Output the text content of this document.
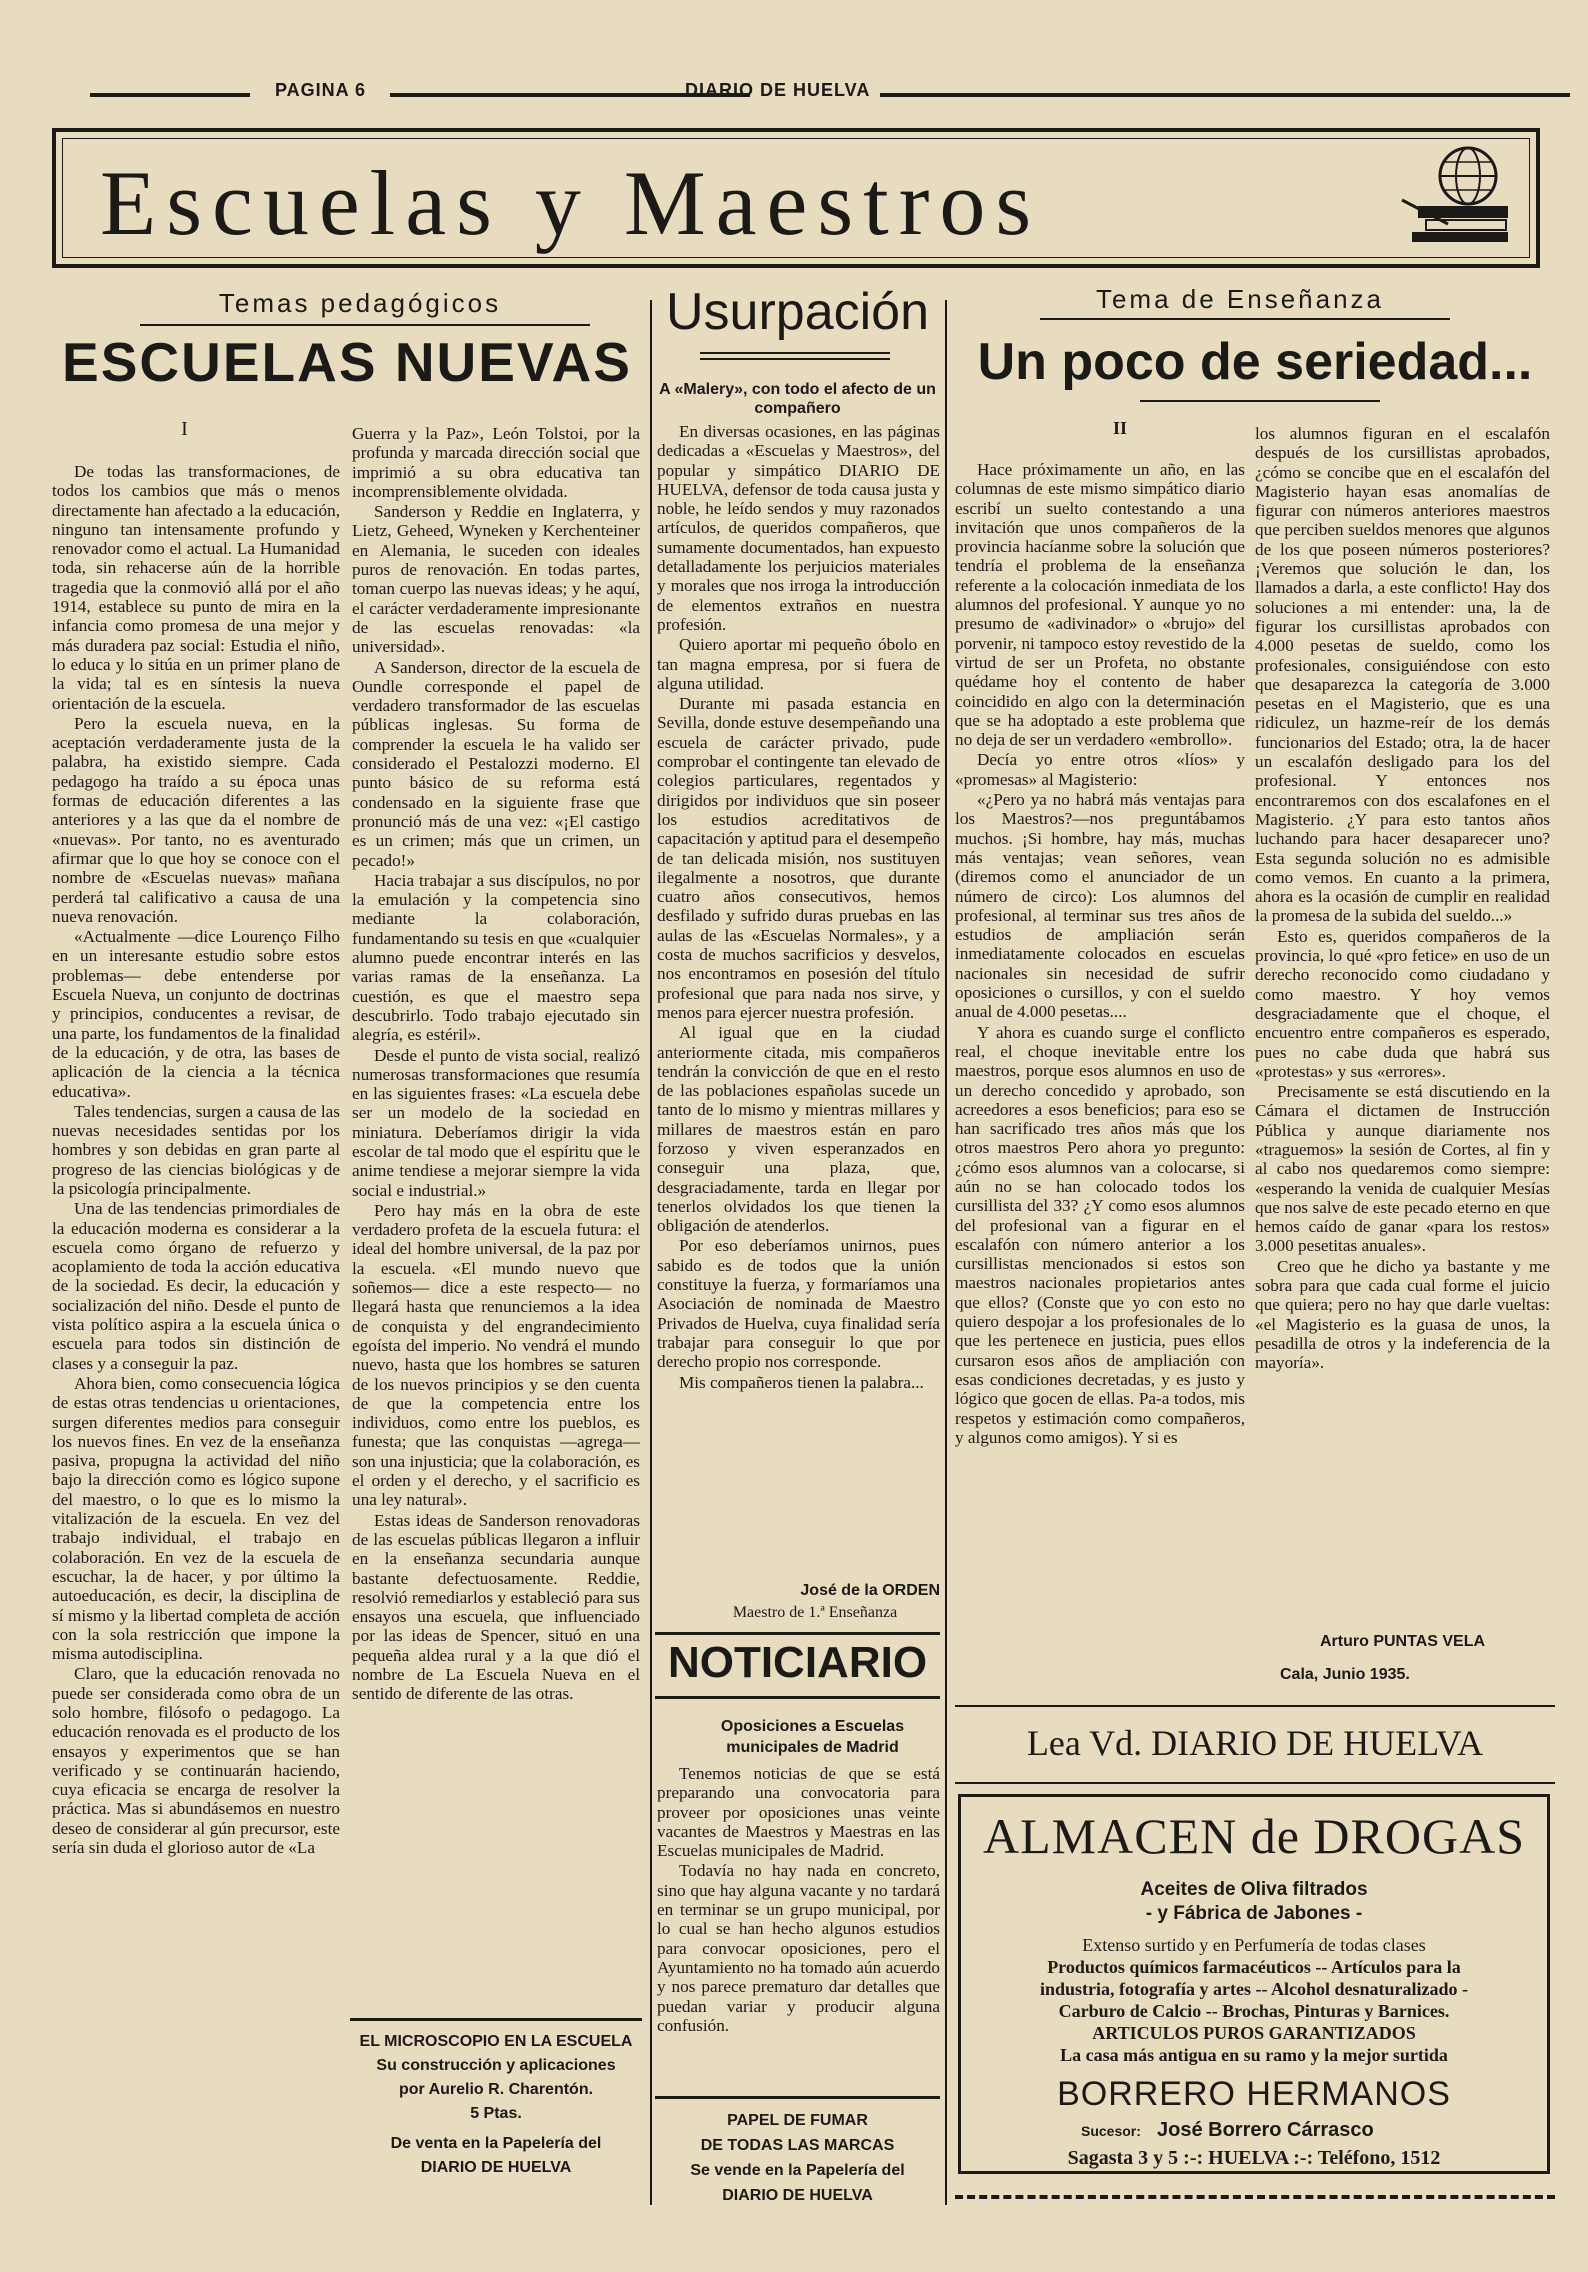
PAGINA 6	DIARIO DE HUELVA
Escuelas y Maestros
Temas pedagógicos
ESCUELAS NUEVAS
I

De todas las transformaciones, de todos los cambios que más o menos directamente han afectado a la educación, ninguno tan intensamente profundo y renovador como el actual. La Humanidad toda, sin rehacerse aún de la horrible tragedia que la conmovió allá por el año 1914, establece su punto de mira en la infancia como promesa de una mejor y más duradera paz social: Estudia el niño, lo educa y lo sitúa en un primer plano de la vida; tal es en síntesis la nueva orientación de la escuela.

Pero la escuela nueva, en la aceptación verdaderamente justa de la palabra, ha existido siempre. Cada pedagogo ha traído a su época unas formas de educación diferentes a las anteriores y a las que da el nombre de «nuevas». Por tanto, no es aventurado afirmar que lo que hoy se conoce con el nombre de «Escuelas nuevas» mañana perderá tal calificativo a causa de una nueva renovación.

«Actualmente —dice Lourenço Filho en un interesante estudio sobre estos problemas— debe entenderse por Escuela Nueva, un conjunto de doctrinas y principios, conducentes a revisar, de una parte, los fundamentos de la finalidad de la educación, y de otra, las bases de aplicación de la ciencia a la técnica educativa».

Tales tendencias, surgen a causa de las nuevas necesidades sentidas por los hombres y son debidas en gran parte al progreso de las ciencias biológicas y de la psicología principalmente.

Una de las tendencias primordiales de la educación moderna es considerar a la escuela como órgano de refuerzo y acoplamiento de toda la acción educativa de la sociedad. Es decir, la educación y socialización del niño. Desde el punto de vista político aspira a la escuela única o escuela para todos sin distinción de clases y a conseguir la paz.

Ahora bien, como consecuencia lógica de estas otras tendencias u orientaciones, surgen diferentes medios para conseguir los nuevos fines. En vez de la enseñanza pasiva, propugna la actividad del niño bajo la dirección como es lógico supone del maestro, o lo que es lo mismo la vitalización de la escuela. En vez del trabajo individual, el trabajo en colaboración. En vez de la escuela de escuchar, la de hacer, y por último la autoeducación, es decir, la disciplina de sí mismo y la libertad completa de acción con la sola restricción que impone la misma autodisciplina.

Claro, que la educación renovada no puede ser considerada como obra de un solo hombre, filósofo o pedagogo. La educación renovada es el producto de los ensayos y experimentos que se han verificado y se continuarán haciendo, cuya eficacia se encarga de resolver la práctica. Mas si abundásemos en nuestro deseo de considerar al gún precursor, este sería sin duda el glorioso autor de «La

Guerra y la Paz», León Tolstoi, por la profunda y marcada dirección social que imprimió a su obra educativa tan incomprensiblemente olvidada.

Sanderson y Reddie en Inglaterra, y Lietz, Geheed, Wyneken y Kerchenteiner en Alemania, le suceden con ideales puros de renovación. En todas partes, toman cuerpo las nuevas ideas; y he aquí, el carácter verdaderamente impresionante de las escuelas renovadas: «la universidad».

A Sanderson, director de la escuela de Oundle corresponde el papel de verdadero transformador de las escuelas públicas inglesas. Su forma de comprender la escuela le ha valido ser considerado el Pestalozzi moderno. El punto básico de su reforma está condensado en la siguiente frase que pronunció más de una vez: «¡El castigo es un crimen; más que un crimen, un pecado!»

Hacia trabajar a sus discípulos, no por la emulación y la competencia sino mediante la colaboración, fundamentando su tesis en que «cualquier alumno puede encontrar interés en las varias ramas de la enseñanza. La cuestión, es que el maestro sepa descubrirlo. Todo trabajo ejecutado sin alegría, es estéril».

Desde el punto de vista social, realizó numerosas transformaciones que resumía en las siguientes frases: «La escuela debe ser un modelo de la sociedad en miniatura. Deberíamos dirigir la vida escolar de tal modo que el espíritu que le anime tendiese a mejorar siempre la vida social e industrial.»

Pero hay más en la obra de este verdadero profeta de la escuela futura: el ideal del hombre universal, de la paz por la escuela. «El mundo nuevo que soñemos— dice a este respecto— no llegará hasta que renunciemos a la idea de conquista y del engrandecimiento egoísta del imperio. No vendrá el mundo nuevo, hasta que los hombres se saturen de los nuevos principios y se den cuenta de que la competencia entre los individuos, como entre los pueblos, es funesta; que las conquistas —agrega— son una injusticia; que la colaboración, es el orden y el derecho, y el sacrificio es una ley natural».

Estas ideas de Sanderson renovadoras de las escuelas públicas llegaron a influir en la enseñanza secundaria aunque bastante defectuosamente. Reddie, resolvió remediarlos y estableció para sus ensayos una escuela, que influenciado por las ideas de Spencer, situó en una pequeña aldea rural y a la que dió el nombre de La Escuela Nueva en el sentido de diferente de las otras.

EL MICROSCOPIO EN LA ESCUELA
Su construcción y aplicaciones
por Aurelio R. Charentón.
5 Ptas.
De venta en la Papelería del
DIARIO DE HUELVA
Usurpación
A «Malery», con todo el afecto de un compañero

En diversas ocasiones, en las páginas dedicadas a «Escuelas y Maestros», del popular y simpático DIARIO DE HUELVA, defensor de toda causa justa y noble, he leído sendos y muy razonados artículos, de queridos compañeros, que sumamente documentados, han expuesto detalladamente los perjuicios materiales y morales que nos irroga la introducción de elementos extraños en nuestra profesión.

Quiero aportar mi pequeño óbolo en tan magna empresa, por si fuera de alguna utilidad.

Durante mi pasada estancia en Sevilla, donde estuve desempeñando una escuela de carácter privado, pude comprobar el contingente tan elevado de colegios particulares, regentados y dirigidos por individuos que sin poseer los estudios acreditativos de capacitación y aptitud para el desempeño de tan delicada misión, nos sustituyen ilegalmente a nosotros, que durante cuatro años consecutivos, hemos desfilado y sufrido duras pruebas en las aulas de las «Escuelas Normales», y a costa de muchos sacrificios y desvelos, nos encontramos en posesión del título profesional que para nada nos sirve, y menos para ejercer nuestra profesión.

Al igual que en la ciudad anteriormente citada, mis compañeros tendrán la convicción de que en el resto de las poblaciones españolas sucede un tanto de lo mismo y mientras millares y millares de maestros están en paro forzoso y viven esperanzados en conseguir una plaza, que, desgraciadamente, tarda en llegar por tenerlos olvidados los que tienen la obligación de atenderlos.

Por eso deberíamos unirnos, pues sabido es de todos que la unión constituye la fuerza, y formaríamos una Asociación de nominada de Maestro Privados de Huelva, cuya finalidad sería trabajar para conseguir lo que por derecho propio nos corresponde.

Mis compañeros tienen la palabra...

José de la ORDEN
Maestro de 1.ª Enseñanza
NOTICIARIO
Oposiciones a Escuelas municipales de Madrid

Tenemos noticias de que se está preparando una convocatoria para proveer por oposiciones unas veinte vacantes de Maestros y Maestras en las Escuelas municipales de Madrid.

Todavía no hay nada en concreto, sino que hay alguna vacante y no tardará en terminar se un grupo municipal, por lo cual se han hecho algunos estudios para convocar oposiciones, pero el Ayuntamiento no ha tomado aún acuerdo y nos parece prematuro dar detalles que puedan variar y producir alguna confusión.

PAPEL DE FUMAR
DE TODAS LAS MARCAS
Se vende en la Papelería del
DIARIO DE HUELVA
Tema de Enseñanza
Un poco de seriedad...
II

Hace próximamente un año, en las columnas de este mismo simpático diario escribí un suelto contestando a una invitación que unos compañeros de la provincia hacíanme sobre la solución que tendría el problema de la enseñanza referente a la colocación inmediata de los alumnos del profesional. Y aunque yo no presumo de «adivinador» o «brujo» del porvenir, ni tampoco estoy revestido de la virtud de ser un Profeta, no obstante quédame hoy el contento de haber coincidido en algo con la determinación que se ha adoptado a este problema que no deja de ser un verdadero «embrollo».

Decía yo entre otros «líos» y «promesas» al Magisterio:

«¿Pero ya no habrá más ventajas para los Maestros?—nos preguntábamos muchos. ¡Si hombre, hay más, muchas más ventajas; vean señores, vean (diremos como el anunciador de un número de circo): Los alumnos del profesional, al terminar sus tres años de estudios de ampliación serán inmediatamente colocados en escuelas nacionales sin necesidad de sufrir oposiciones o cursillos, y con el sueldo anual de 4.000 pesetas....

Y ahora es cuando surge el conflicto real, el choque inevitable entre los maestros, porque esos alumnos en uso de un derecho concedido y aprobado, son acreedores a esos beneficios; para eso se han sacrificado tres años más que los otros maestros Pero ahora yo pregunto: ¿cómo esos alumnos van a colocarse, si aún no se han colocado todos los cursillista del 33? ¿Y como esos alumnos del profesional van a figurar en el escalafón con número anterior a los cursillistas mencionados si estos son maestros nacionales propietarios antes que ellos? (Conste que yo con esto no quiero despojar a los profesionales de lo que les pertenece en justicia, pues ellos cursaron esos años de ampliación con esas condiciones decretadas, y es justo y lógico que gocen de ellas. Pa-a todos, mis respetos y estimación como compañeros, y algunos como amigos). Y si es

los alumnos figuran en el escalafón después de los cursillistas aprobados, ¿cómo se concibe que en el escalafón del Magisterio hayan esas anomalías de figurar con números anteriores maestros que perciben sueldos menores que algunos de los que poseen números posteriores? ¡Veremos que solución le dan, los llamados a darla, a este conflicto! Hay dos soluciones a mi entender: una, la de figurar los cursillistas aprobados con 4.000 pesetas de sueldo, como los profesionales, consiguiéndose con esto que desaparezca la categoría de 3.000 pesetas en el Magisterio, que es una ridiculez, un hazme-reír de los demás funcionarios del Estado; otra, la de hacer un escalafón desligado para los del profesional. Y entonces nos encontraremos con dos escalafones en el Magisterio. ¿Y para esto tantos años luchando para hacer desaparecer uno? Esta segunda solución no es admisible como vemos. En cuanto a la primera, ahora es la ocasión de cumplir en realidad la promesa de la subida del sueldo...»

Esto es, queridos compañeros de la provincia, lo qué «pro fetice» en uso de un derecho reconocido como ciudadano y como maestro. Y hoy vemos desgraciadamente que el choque, el encuentro entre compañeros es esperado, pues no cabe duda que habrá sus «protestas» y sus «errores».

Precisamente se está discutiendo en la Cámara el dictamen de Instrucción Pública y aunque diariamente nos «traguemos» la sesión de Cortes, al fin y al cabo nos quedaremos como siempre: «esperando la venida de cualquier Mesías que nos salve de este pecado eterno en que hemos caído de ganar «para los restos» 3.000 pesetitas anuales».

Creo que he dicho ya bastante y me sobra para que cada cual forme el juicio que quiera; pero no hay que darle vueltas: «el Magisterio es la guasa de unos, la pesadilla de otros y la indeferencia de la mayoría».

Arturo PUNTAS VELA
Cala, Junio 1935.
Lea Vd. DIARIO DE HUELVA
ALMACEN de DROGAS
Aceites de Oliva filtrados
- y Fábrica de Jabones -
Extenso surtido y en Perfumería de todas clases
Productos químicos farmacéuticos -- Artículos para la
industria, fotografía y artes -- Alcohol desnaturalizado -
Carburo de Calcio -- Brochas, Pinturas y Barnices.
ARTICULOS PUROS GARANTIZADOS
La casa más antigua en su ramo y la mejor surtida
BORRERO HERMANOS
Sucesor: José Borrero Cárrasco
Sagasta 3 y 5 :-: HUELVA :-: Teléfono, 1512
